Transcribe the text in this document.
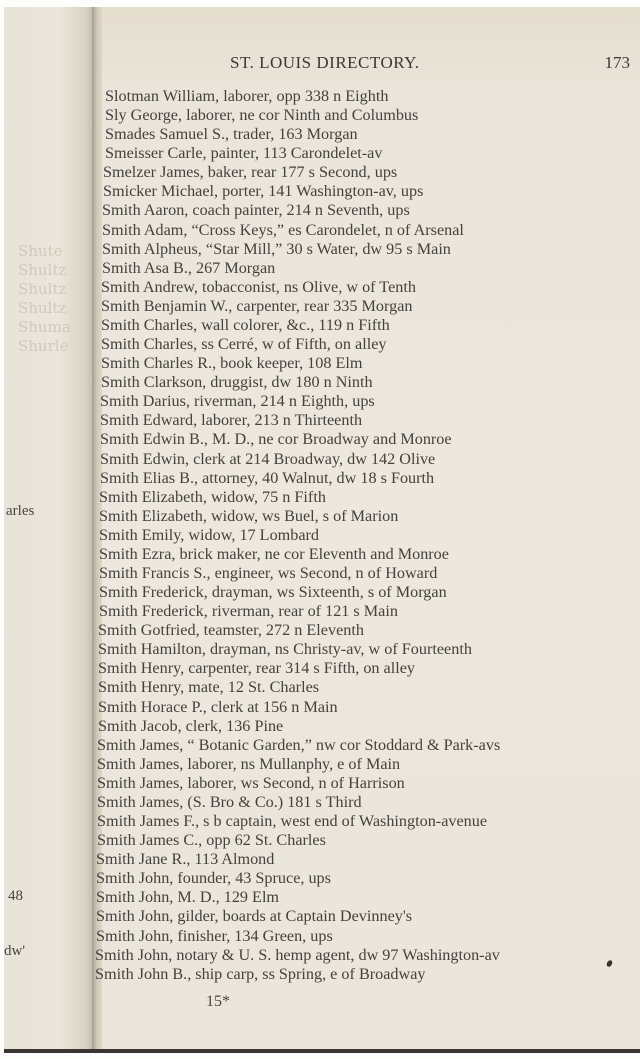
Shute
Shultz
Shultz
Shultz
Shuma
Shurle
arles
48
dw'
ST. LOUIS DIRECTORY.	173
Slotman William, laborer, opp 338 n Eighth
Sly George, laborer, ne cor Ninth and Columbus
Smades Samuel S., trader, 163 Morgan
Smeisser Carle, painter, 113 Carondelet-av
Smelzer James, baker, rear 177 s Second, ups
Smicker Michael, porter, 141 Washington-av, ups
Smith Aaron, coach painter, 214 n Seventh, ups
Smith Adam, “Cross Keys,” es Carondelet, n of Arsenal
Smith Alpheus, “Star Mill,” 30 s Water, dw 95 s Main
Smith Asa B., 267 Morgan
Smith Andrew, tobacconist, ns Olive, w of Tenth
Smith Benjamin W., carpenter, rear 335 Morgan
Smith Charles, wall colorer, &c., 119 n Fifth
Smith Charles, ss Cerré, w of Fifth, on alley
Smith Charles R., book keeper, 108 Elm
Smith Clarkson, druggist, dw 180 n Ninth
Smith Darius, riverman, 214 n Eighth, ups
Smith Edward, laborer, 213 n Thirteenth
Smith Edwin B., M. D., ne cor Broadway and Monroe
Smith Edwin, clerk at 214 Broadway, dw 142 Olive
Smith Elias B., attorney, 40 Walnut, dw 18 s Fourth
Smith Elizabeth, widow, 75 n Fifth
Smith Elizabeth, widow, ws Buel, s of Marion
Smith Emily, widow, 17 Lombard
Smith Ezra, brick maker, ne cor Eleventh and Monroe
Smith Francis S., engineer, ws Second, n of Howard
Smith Frederick, drayman, ws Sixteenth, s of Morgan
Smith Frederick, riverman, rear of 121 s Main
Smith Gotfried, teamster, 272 n Eleventh
Smith Hamilton, drayman, ns Christy-av, w of Fourteenth
Smith Henry, carpenter, rear 314 s Fifth, on alley
Smith Henry, mate, 12 St. Charles
Smith Horace P., clerk at 156 n Main
Smith Jacob, clerk, 136 Pine
Smith James, “ Botanic Garden,” nw cor Stoddard & Park-avs
Smith James, laborer, ns Mullanphy, e of Main
Smith James, laborer, ws Second, n of Harrison
Smith James, (S. Bro & Co.) 181 s Third
Smith James F., s b captain, west end of Washington-avenue
Smith James C., opp 62 St. Charles
Smith Jane R., 113 Almond
Smith John, founder, 43 Spruce, ups
Smith John, M. D., 129 Elm
Smith John, gilder, boards at Captain Devinney's
Smith John, finisher, 134 Green, ups
Smith John, notary & U. S. hemp agent, dw 97 Washington-av
Smith John B., ship carp, ss Spring, e of Broadway
15*
